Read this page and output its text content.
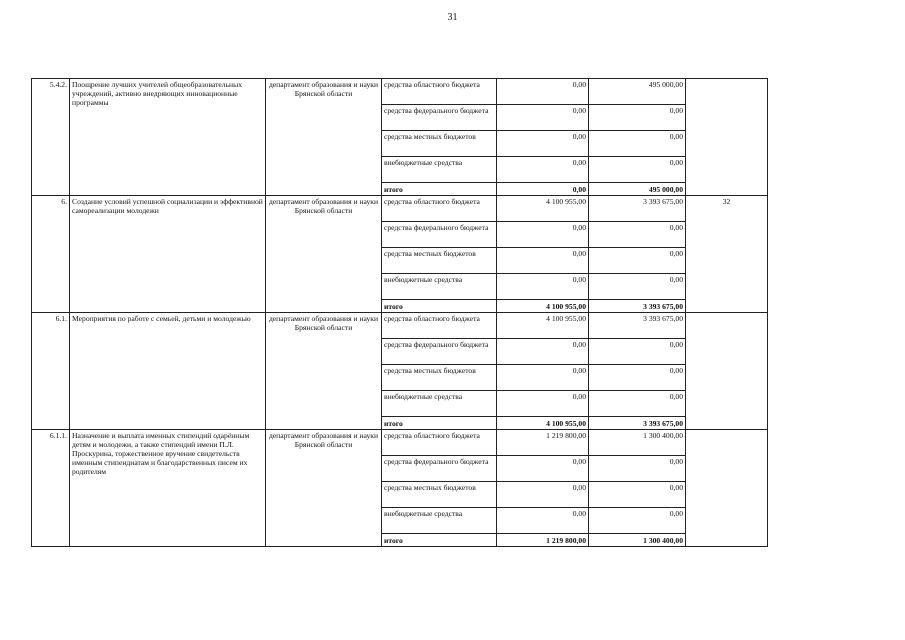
31
5.4.2.	Поощрение лучших учителей общеобразовательных учреждений, активно внедряющих инновационные программы	департамент образования и науки Брянской области	средства областного бюджета	0,00	495 000,00	
			средства федерального бюджета	0,00	0,00	
			средства местных бюджетов	0,00	0,00	
			внебюджетные средства	0,00	0,00	
			итого	0,00	495 000,00	
6.	Создание условий успешной социализации и эффективной самореализации молодежи	департамент образования и науки Брянской области	средства областного бюджета	4 100 955,00	3 393 675,00	32
			средства федерального бюджета	0,00	0,00	
			средства местных бюджетов	0,00	0,00	
			внебюджетные средства	0,00	0,00	
			итого	4 100 955,00	3 393 675,00	
6.1.	Мероприятия по работе с семьей, детьми и молодежью	департамент образования и науки Брянской области	средства областного бюджета	4 100 955,00	3 393 675,00	
			средства федерального бюджета	0,00	0,00	
			средства местных бюджетов	0,00	0,00	
			внебюджетные средства	0,00	0,00	
			итого	4 100 955,00	3 393 675,00	
6.1.1.	Назначение и выплата именных стипендий одарённым детям и молодежи, а также стипендий имени П.Л. Проскурина, торжественное вручение свидетельств именным стипендиатам и благодарственных писем их родителям	департамент образования и науки Брянской области	средства областного бюджета	1 219 800,00	1 300 400,00	
			средства федерального бюджета	0,00	0,00	
			средства местных бюджетов	0,00	0,00	
			внебюджетные средства	0,00	0,00	
			итого	1 219 800,00	1 300 400,00	
